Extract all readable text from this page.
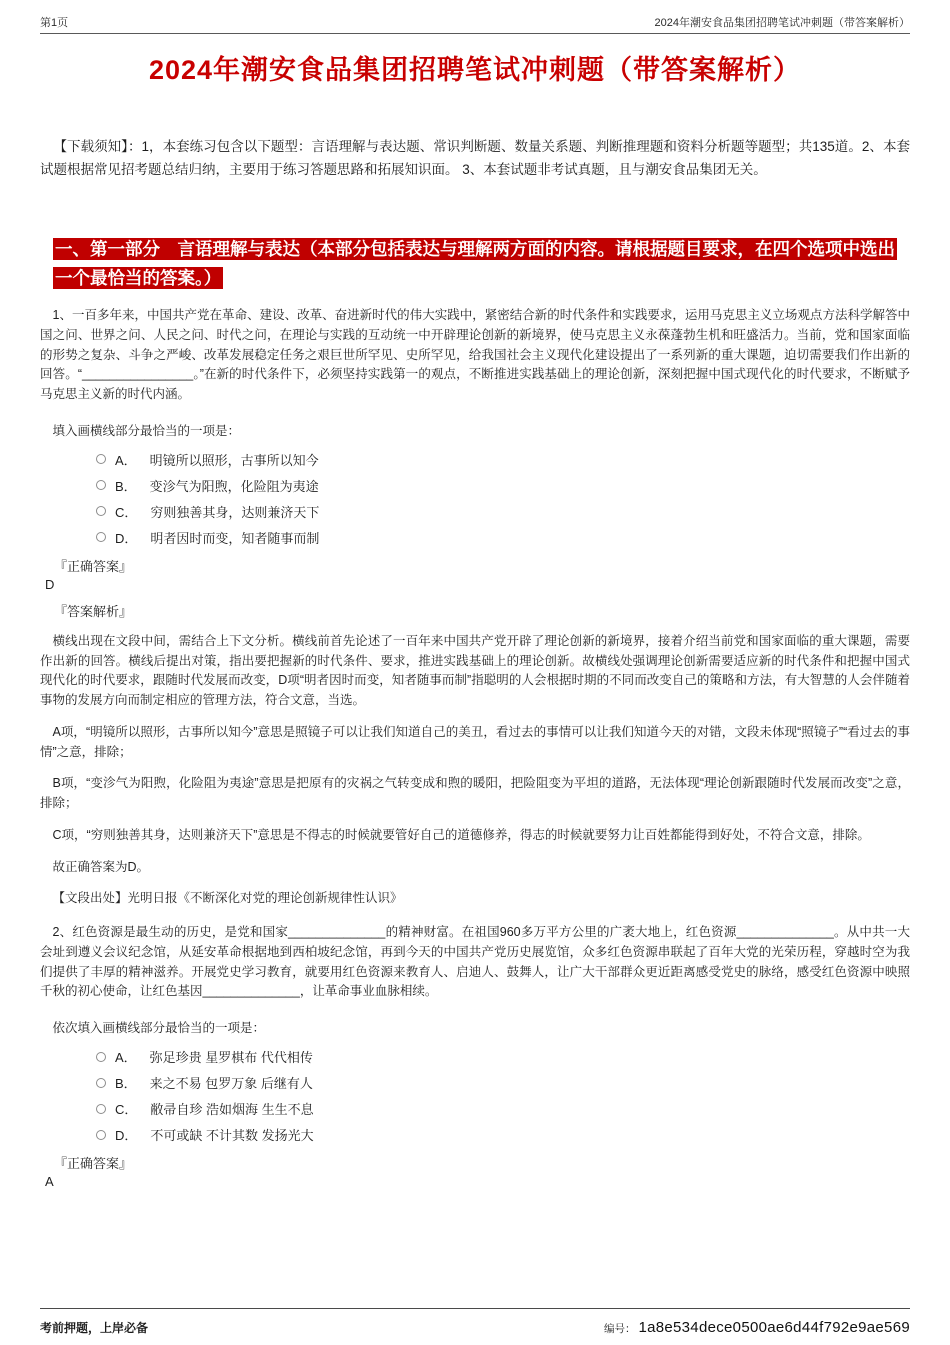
第1页	2024年潮安食品集团招聘笔试冲刺题（带答案解析）
2024年潮安食品集团招聘笔试冲刺题（带答案解析）

【下载须知】：1，本套练习包含以下题型：言语理解与表达题、常识判断题、数量关系题、判断推理题和资料分析题等题型；共135道。2、本套试题根据常见招考题总结归纳，主要用于练习答题思路和拓展知识面。 3、本套试题非考试真题，且与潮安食品集团无关。

一、第一部分　言语理解与表达（本部分包括表达与理解两方面的内容。请根据题目要求，在四个选项中选出一个最恰当的答案。）

1、一百多年来，中国共产党在革命、建设、改革、奋进新时代的伟大实践中，紧密结合新的时代条件和实践要求，运用马克思主义立场观点方法科学解答中国之问、世界之问、人民之问、时代之问，在理论与实践的互动统一中开辟理论创新的新境界，使马克思主义永葆蓬勃生机和旺盛活力。当前，党和国家面临的形势之复杂、斗争之严峻、改革发展稳定任务之艰巨世所罕见、史所罕见，给我国社会主义现代化建设提出了一系列新的重大课题，迫切需要我们作出新的回答。“________________。”在新的时代条件下，必须坚持实践第一的观点，不断推进实践基础上的理论创新，深刻把握中国式现代化的时代要求，不断赋予马克思主义新的时代内涵。

填入画横线部分最恰当的一项是：

A． 明镜所以照形，古事所以知今
B． 变沴气为阳煦，化险阻为夷途
C． 穷则独善其身，达则兼济天下
D． 明者因时而变，知者随事而制

『正确答案』

D

『答案解析』

横线出现在文段中间，需结合上下文分析。横线前首先论述了一百年来中国共产党开辟了理论创新的新境界，接着介绍当前党和国家面临的重大课题，需要作出新的回答。横线后提出对策，指出要把握新的时代条件、要求，推进实践基础上的理论创新。故横线处强调理论创新需要适应新的时代条件和把握中国式现代化的时代要求，跟随时代发展而改变，D项“明者因时而变，知者随事而制”指聪明的人会根据时期的不同而改变自己的策略和方法，有大智慧的人会伴随着事物的发展方向而制定相应的管理方法，符合文意，当选。

A项，“明镜所以照形，古事所以知今”意思是照镜子可以让我们知道自己的美丑，看过去的事情可以让我们知道今天的对错，文段未体现“照镜子”“看过去的事情”之意，排除；

B项，“变沴气为阳煦，化险阻为夷途”意思是把原有的灾祸之气转变成和煦的暖阳，把险阻变为平坦的道路，无法体现“理论创新跟随时代发展而改变”之意，排除；

C项，“穷则独善其身，达则兼济天下”意思是不得志的时候就要管好自己的道德修养，得志的时候就要努力让百姓都能得到好处，不符合文意，排除。

故正确答案为D。

【文段出处】光明日报《不断深化对党的理论创新规律性认识》

2、红色资源是最生动的历史，是党和国家______________的精神财富。在祖国960多万平方公里的广袤大地上，红色资源______________。从中共一大会址到遵义会议纪念馆，从延安革命根据地到西柏坡纪念馆，再到今天的中国共产党历史展览馆，众多红色资源串联起了百年大党的光荣历程，穿越时空为我们提供了丰厚的精神滋养。开展党史学习教育，就要用红色资源来教育人、启迪人、鼓舞人，让广大干部群众更近距离感受党史的脉络，感受红色资源中映照千秋的初心使命，让红色基因______________，让革命事业血脉相续。

依次填入画横线部分最恰当的一项是：

A． 弥足珍贵 星罗棋布 代代相传
B． 来之不易 包罗万象 后继有人
C． 敝帚自珍 浩如烟海 生生不息
D． 不可或缺 不计其数 发扬光大

『正确答案』

A

考前押题，上岸必备	编号： 1a8e534dece0500ae6d44f792e9ae569
